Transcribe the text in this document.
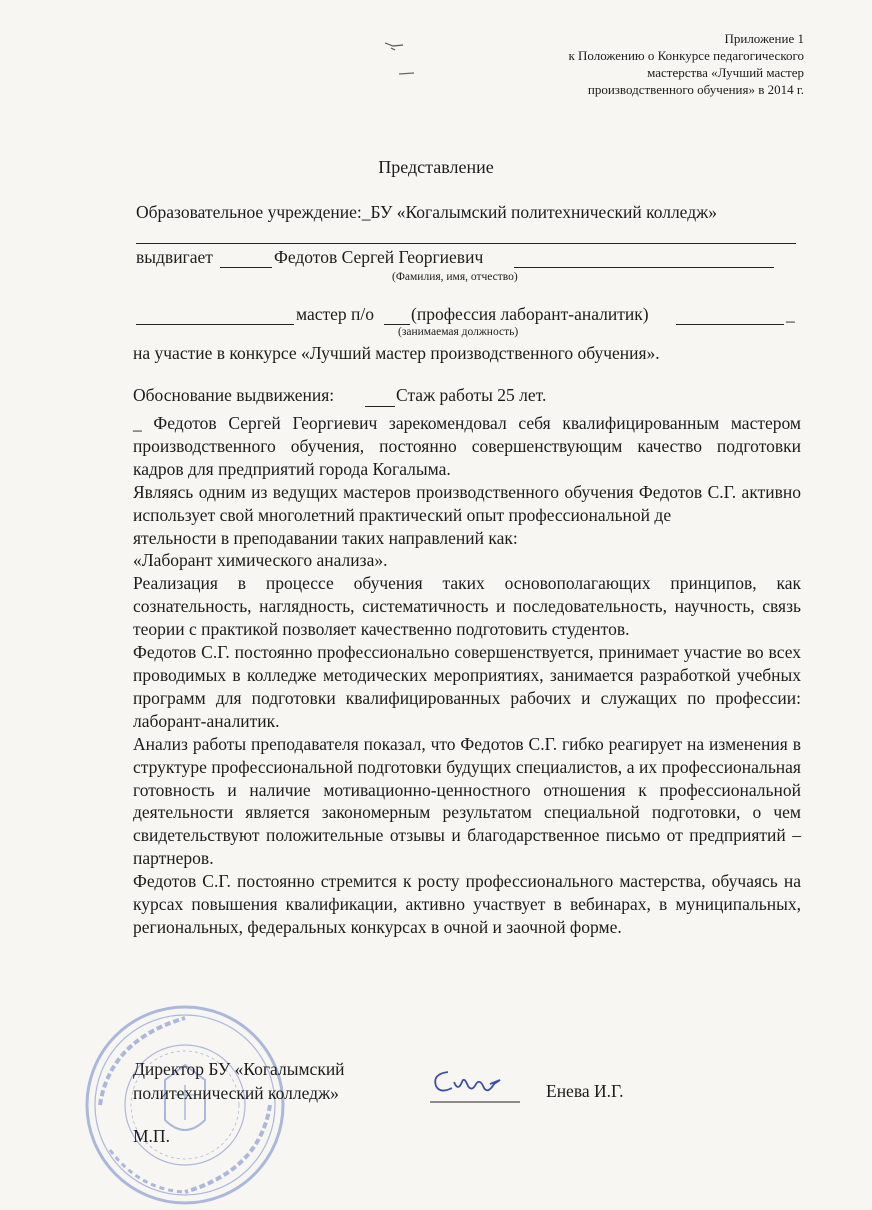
Приложение 1
к Положению о Конкурсе педагогического
мастерства «Лучший мастер
производственного обучения» в 2014 г.
Представление
Образовательное учреждение:_БУ «Когалымский политехнический колледж»
выдвигает	Федотов Сергей Георгиевич
(Фамилия, имя, отчество)
мастер п/о (профессия лаборант-аналитик)	_
(занимаемая должность)
на участие в конкурсе «Лучший мастер производственного обучения».
Обоснование выдвижения:	Стаж работы 25 лет.

_ Федотов Сергей Георгиевич зарекомендовал себя квалифицированным мастером производственного обучения, постоянно совершенствующим качество подготовки кадров для предприятий города Когалыма.

Являясь одним из ведущих мастеров производственного обучения Федотов С.Г. активно использует свой многолетний практический опыт профессиональной де

ятельности в преподавании таких направлений как:

«Лаборант химического анализа».

Реализация в процессе обучения таких основополагающих принципов, как сознательность, наглядность, систематичность и последовательность, научность, связь теории с практикой позволяет качественно подготовить студентов.

Федотов С.Г. постоянно профессионально совершенствуется, принимает участие во всех проводимых в колледже методических мероприятиях, занимается разработкой учебных программ для подготовки квалифицированных рабочих и служащих по профессии: лаборант-аналитик.

Анализ работы преподавателя показал, что Федотов С.Г. гибко реагирует на изменения в структуре профессиональной подготовки будущих специалистов, а их профессиональная готовность и наличие мотивационно-ценностного отношения к профессиональной деятельности является закономерным результатом специальной подготовки, о чем свидетельствуют положительные отзывы и благодарственное письмо от предприятий – партнеров.

Федотов С.Г. постоянно стремится к росту профессионального мастерства, обучаясь на курсах повышения квалификации, активно участвует в вебинарах, в муниципальных, региональных, федеральных конкурсах в очной и заочной форме.

Директор БУ «Когалымский
политехнический колледж»	Енева И.Г.
М.П.
